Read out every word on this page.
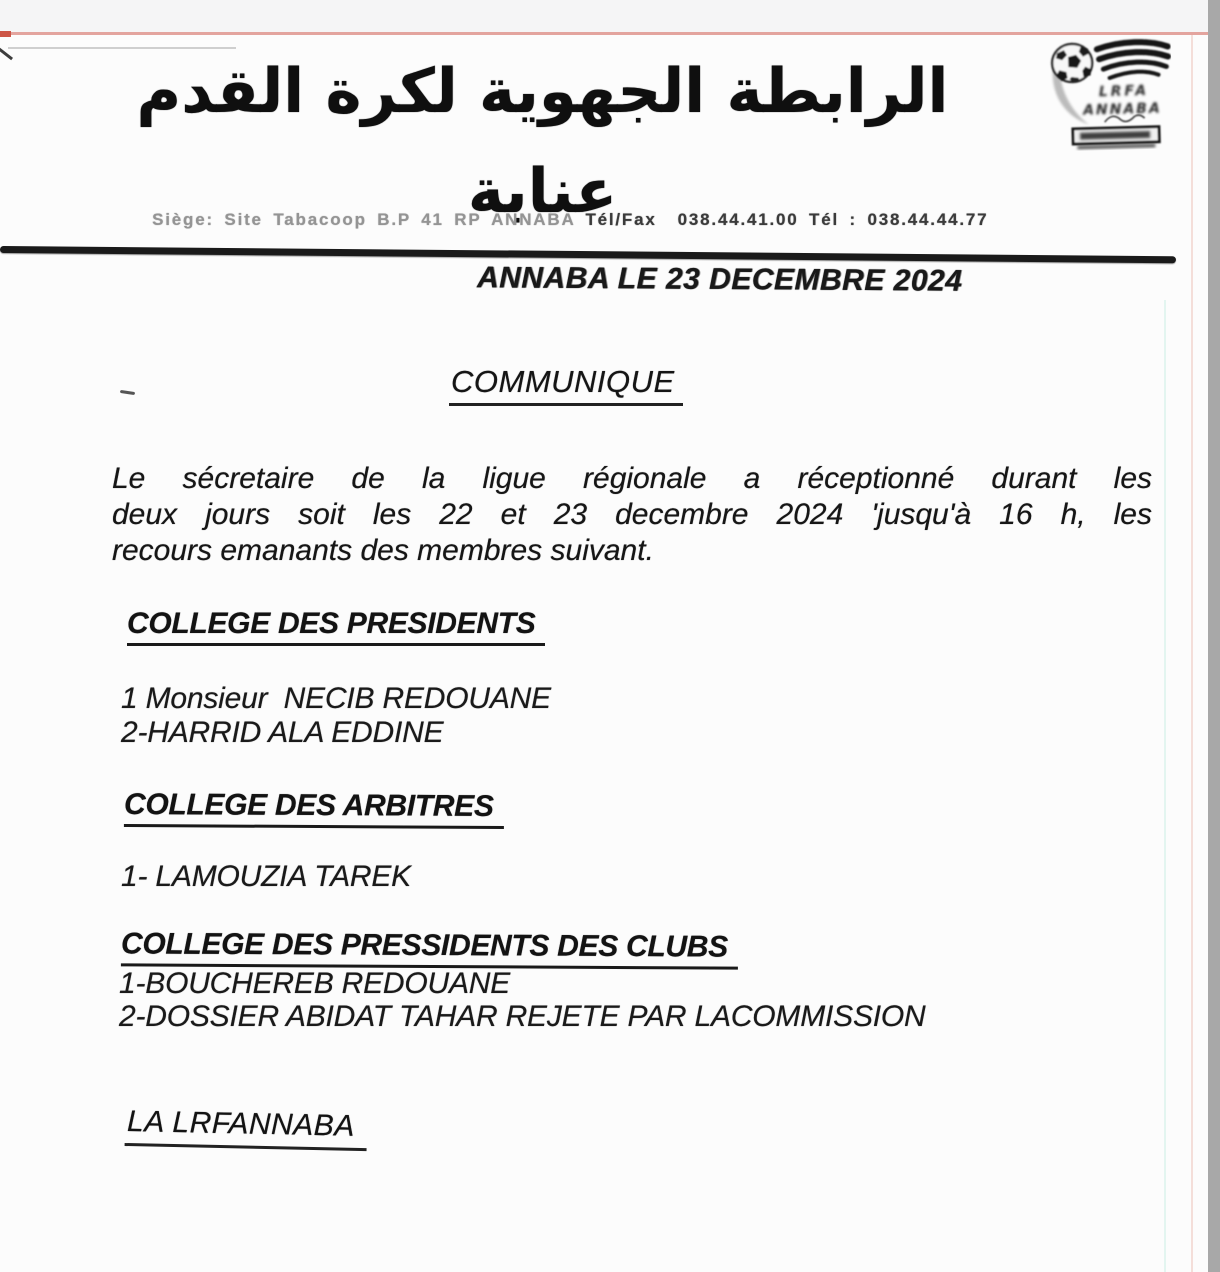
الرابطة الجهوية لكرة القدم عنابة
LRFA
ANNABA

Siège: Site Tabacoop B.P 41 RP ANNABA Tél/Fax  038.44.41.00 Tél : 038.44.44.77

ANNABA LE 23 DECEMBRE 2024
COMMUNIQUE
Le sécretaire de la ligue régionale a réceptionné durant les
deux jours soit les 22 et 23 decembre 2024 'jusqu'à 16 h, les
recours emanants des membres suivant.
COLLEGE DES PRESIDENTS
1 Monsieur  NECIB REDOUANE
2-HARRID ALA EDDINE
COLLEGE DES ARBITRES
1- LAMOUZIA TAREK
COLLEGE DES PRESSIDENTS DES CLUBS
1-BOUCHEREB REDOUANE
2-DOSSIER ABIDAT TAHAR REJETE PAR LACOMMISSION
LA LRFANNABA
